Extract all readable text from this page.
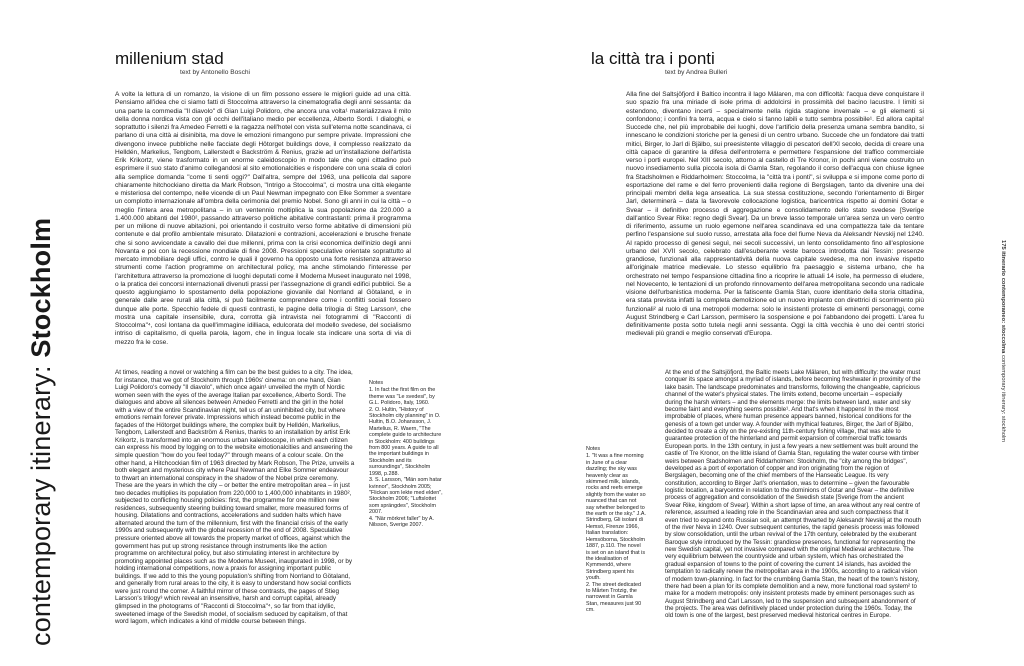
contemporary itinerary: Stockholm	175 itinerario contemporaneo: stoccolma contemporary itinerary: stockholm
millenium stad
text by Antonello Boschi

A volte la lettura di un romanzo, la visione di un film possono essere le migliori guide ad una città. Pensiamo all'idea che ci siamo fatti di Stoccolma attraverso la cinematografia degli anni sessanta: da una parte la commedia "Il diavolo" di Gian Luigi Polidoro, che ancora una volta¹ materializzava il mito della donna nordica vista con gli occhi dell'italiano medio per eccellenza, Alberto Sordi. I dialoghi, e soprattutto i silenzi fra Amedeo Ferretti e la ragazza nell'hotel con vista sull'eterna notte scandinava, ci parlano di una città ai disinibita, ma dove le emozioni rimangono pur sempre private. Impressioni che divengono invece pubbliche nelle facciate degli Hötorget buildings dove, il complesso realizzato da Helldén, Markelius, Tengbom, Lallerstedt e Backström & Renius, grazie ad un'installazione dell'artista Erik Krikortz, viene trasformato in un enorme caleidoscopio in modo tale che ogni cittadino può esprimere il suo stato d'animo collegandosi al sito emotionalcities e rispondere con una scala di colori alla semplice domanda "come ti senti oggi?" Dall'altra, sempre del 1963, una pellicola dal sapore chiaramente hitchockiano diretta da Mark Robson, "Intrigo a Stoccolma", ci mostra una città elegante e misteriosa del contempo, nelle vicende di un Paul Newman impegnato con Elke Sommer a sventare un complotto internazionale all'ombra della cerimonia del premio Nobel. Sono gli anni in cui la città – o meglio l'intera area metropolitana – in un ventennio moltiplica la sua popolazione da 220.000 a 1.400.000 abitanti del 1980², passando attraverso politiche abitative contrastanti: prima il programma per un milione di nuove abitazioni, poi orientando il costruito verso forme abitative di dimensioni più contenute e dal profilo ambientale misurato. Dilatazioni e contrazioni, accelerazioni e brusche frenate che si sono avvicendate a cavallo dei due millenni, prima con la crisi economica dell'inizio degli anni Novanta e poi con la recessione mondiale di fine 2008. Pressioni speculative orientate soprattutto al mercato immobiliare degli uffici, contro le quali il governo ha opposto una forte resistenza attraverso strumenti come l'action programme on architectural policy, ma anche stimolando l'interesse per l'architettura attraverso la promozione di luoghi deputati come il Moderna Museet inaugurato nel 1998, o la pratica dei concorsi internazionali divenuti prassi per l'assegnazione di grandi edifici pubblici. Se a questo aggiungiamo lo spostamento della popolazione giovanile dal Norrland al Götaland, e in generale dalle aree rurali alla città, si può facilmente comprendere come i conflitti sociali fossero dunque alle porte. Specchio fedele di questi contrasti, le pagine della trilogia di Steg Larsson³, che mostra una capitale insensibile, dura, corrotta già intravista nei fotogrammi di "Racconti di Stoccolma"⁴, così lontana da quell'immagine idilliaca, edulcorata del modello svedese, del socialismo intriso di capitalismo, di quella parola, lagom, che in lingua locale sta indicare una sorta di via di mezzo fra le cose.

At times, reading a novel or watching a film can be the best guides to a city. The idea, for instance, that we got of Stockholm through 1960s' cinema: on one hand, Gian Luigi Polidoro's comedy "Il diavolo", which once again¹ unveiled the myth of Nordic women seen with the eyes of the average Italian par excellence, Alberto Sordi. The dialogues and above all silences between Amedeo Ferretti and the girl in the hotel with a view of the entire Scandinavian night, tell us of an uninhibited city, but where emotions remain forever private. Impressions which instead become public in the façades of the Hötorget buildings where, the complex built by Helldén, Markelius, Tengbom, Lallerstedt and Backström & Renius, thanks to an installation by artist Erik Krikortz, is transformed into an enormous urban kaleidoscope, in which each citizen can express his mood by logging on to the website emotionalcities and answering the simple question "how do you feel today?" through means of a colour scale. On the other hand, a Hitchcockian film of 1963 directed by Mark Robson, The Prize, unveils a both elegant and mysterious city where Paul Newman and Elke Sommer endeavour to thwart an international conspiracy in the shadow of the Nobel prize ceremony.
These are the years in which the city – or better the entire metropolitan area – in just two decades multiplies its population from 220,000 to 1,400,000 inhabitants in 1980², subjected to conflicting housing policies: first, the programme for one million new residences, subsequently steering building toward smaller, more measured forms of housing. Dilatations and contractions, accelerations and sudden halts which have alternated around the turn of the millennium, first with the financial crisis of the early 1990s and subsequently with the global recession of the end of 2008. Speculative pressure oriented above all towards the property market of offices, against which the government has put up strong resistance through instruments like the action programme on architectural policy, but also stimulating interest in architecture by promoting appointed places such as the Moderna Museet, inaugurated in 1998, or by holding international competitions, now a praxis for assigning important public buildings. If we add to this the young population's shifting from Norrland to Götaland, and generally from rural areas to the city, it is easy to understand how social conflicts were just round the corner. A faithful mirror of these contrasts, the pages of Stieg Larsson's trilogy³ which reveal an insensitive, harsh and corrupt capital, already glimpsed in the photograms of "Racconti di Stoccolma"⁴, so far from that idyllic, sweetened image of the Swedish model, of socialism seduced by capitalism, of that word lagom, which indicates a kind of middle course between things.
Notes

1. In fact the first film on the theme was "Le svedesi", by G.L. Polidoro, Italy, 1960.

2. O. Hultin, "History of Stockholm city planning" in O. Hultin, B.O. Johansson, J. Martelius, R. Waern, "The complete guide to architecture in Stockholm: 400 buildings from 800 years. A guide to all the important buildings in Stockholm and its surroundings", Stockholm 1998, p.288.

3. S. Larsson, "Män som hatar kvinnor", Stockholm 2005; "Flickan som lekte med elden", Stockholm 2006; "Luftslottet som sprängdes", Stockholm 2007.

4. "När mörkret faller" by A. Nilsson, Sverige 2007.

la città tra i ponti
text by Andrea Bulleri

Alla fine del Saltsjöfjord il Baltico incontra il lago Mälaren, ma con difficoltà: l'acqua deve conquistare il suo spazio fra una miriade di isole prima di addolcirsi in prossimità del bacino lacustre. I limiti si estendono, diventano incerti – specialmente nella rigida stagione invernale – e gli elementi si confondono; i confini fra terra, acqua e cielo si fanno labili e tutto sembra possibile¹. Ed allora capita! Succede che, nel più improbabile dei luoghi, dove l'artificio della presenza umana sembra bandito, si innescano le condizioni storiche per la genesi di un centro urbano. Succede che un fondatore dai tratti mitici, Birger, lo Jarl di Bjälbo, sui preesistente villaggio di pescatori dell'XI secolo, decida di creare una città capace di garantire la difesa dell'entroterra e permettere l'espansione del traffico commerciale verso i porti europei. Nel XIII secolo, attorno al castello di Tre Kronor, in pochi anni viene costruito un nuovo insediamento sulla piccola isola di Gamla Stan, regolando il corso dell'acqua con chiuse lignee fra Stadsholmen e Riddarholmen: Stoccolma, la "città tra i ponti", si sviluppa e si impone come porto di esportazione del rame e del ferro provenienti dalla regione di Bergslagen, tanto da divenire una dei principali membri della lega anseatica. La sua stessa costituzione, secondo l'orientamento di Birger Jarl, determinerà – data la favorevole collocazione logistica, baricentrica rispetto ai domini Gotar e Svear – il definitivo processo di aggregazione e consolidamento dello stato svedese [Sverige dall'antico Svear Rike: regno degli Svear]. Da un breve lasso temporale un'area senza un vero centro di riferimento, assume un ruolo egemone nell'area scandinava ed una compattezza tale da tentare perfino l'espansione sul suolo russo, arrestata alla foce del fiume Neva da Aleksandr Nevskij nel 1240. Al rapido processo di genesi seguì, nei secoli successivi, un lento consolidamento fino all'esplosione urbano del XVII secolo, celebrato dall'esuberante veste barocca introdotta dai Tessin: presenze grandiose, funzionali alla rappresentatività della nuova capitale svedese, ma non invasive rispetto all'originale matrice medievale. Lo stesso equilibrio fra paesaggio e sistema urbano, che ha orchestrato nel tempo l'espansione cittadina fino a ricoprire le attuali 14 isole, ha permesso di eludere, nel Novecento, le tentazioni di un profondo rinnovamento dell'area metropolitana secondo una radicale visione dell'urbanistica moderna. Per la fatiscente Gamla Stan, cuore identitario della storia cittadina, era stata prevista infatti la completa demolizione ed un nuovo impianto con direttrici di scorrimento più funzionali² al ruolo di una metropoli moderna: solo le insistenti proteste di eminenti personaggi, come August Strindberg e Carl Larsson, permisero la sospensione e poi l'abbandono dei progetti. L'area fu definitivamente posta sotto tutela negli anni sessanta. Oggi la città vecchia è uno dei centri storici medievali più grandi e meglio conservati d'Europa.

Notes

1. "It was a fine morning in June of a clear dazzling; the sky was heavenly clear as skimmed milk, islands, rocks and reefs emerge slightly from the water so nuanced that can not say whether belonged to the earth or the sky." J.A. Strindberg, Gli isolani di Hemsö, Firenze 1966, Italian translation: Hemsöborna, Stockholm 1887, p.110. The novel is set on an island that is the idealisation of Kymmendö, where Strindberg spent his youth.

2. The street dedicated to Mårten Trotzig, the narrowest in Gamla Stan, measures just 90 cm.

At the end of the Saltsjöfjord, the Baltic meets Lake Mälaren, but with difficulty: the water must conquer its space amongst a myriad of islands, before becoming freshwater in proximity of the lake basin. The landscape predominates and transforms, following the changeable, capricious channel of the water's physical states. The limits extend, become uncertain – especially during the harsh winters – and the elements merge: the limits between land, water and sky become faint and everything seems possible¹. And that's when it happens! In the most improbable of places, where human presence appears banned, historical conditions for the genesis of a town get under way. A founder with mythical features, Birger, the Jarl of Bjälbo, decided to create a city on the pre-existing 11th-century fishing village, that was able to guarantee protection of the hinterland and permit expansion of commercial traffic towards European ports. In the 13th century, in just a few years a new settlement was built around the castle of Tre Kronor, on the little island of Gamla Stan, regulating the water course with timber weirs between Stadsholmen and Riddarholmen: Stockholm, the "city among the bridges", developed as a port of exportation of copper and iron originating from the region of Bergslagen, becoming one of the chief members of the Hanseatic League. Its very constitution, according to Birger Jarl's orientation, was to determine – given the favourable logistic location, a barycentre in relation to the dominions of Gotar and Svear – the definitive process of aggregation and consolidation of the Swedish state [Sverige from the ancient Svear Rike, kingdom of Svear]. Within a short lapse of time, an area without any real centre of reference, assumed a leading role in the Scandinavian area and such compactness that it even tried to expand onto Russian soil, an attempt thwarted by Aleksandr Nevskij at the mouth of the river Neva in 1240. Over subsequent centuries, the rapid genesis process was followed by slow consolidation, until the urban revival of the 17th century, celebrated by the exuberant Baroque style introduced by the Tessin: grandiose presences, functional for representing the new Swedish capital, yet not invasive compared with the original Medieval architecture. The very equilibrium between the countryside and urban system, which has orchestrated the gradual expansion of towns to the point of covering the current 14 islands, has avoided the temptation to radically renew the metropolitan area in the 1900s, according to a radical vision of modern town-planning. In fact for the crumbling Gamla Stan, the heart of the town's history, there had been a plan for its complete demolition and a new, more functional road system² to make for a modern metropolis: only insistent protests made by eminent personages such as August Strindberg and Carl Larsson, led to the suspension and subsequent abandonment of the projects. The area was definitively placed under protection during the 1960s. Today, the old town is one of the largest, best preserved medieval historical centres in Europe.
